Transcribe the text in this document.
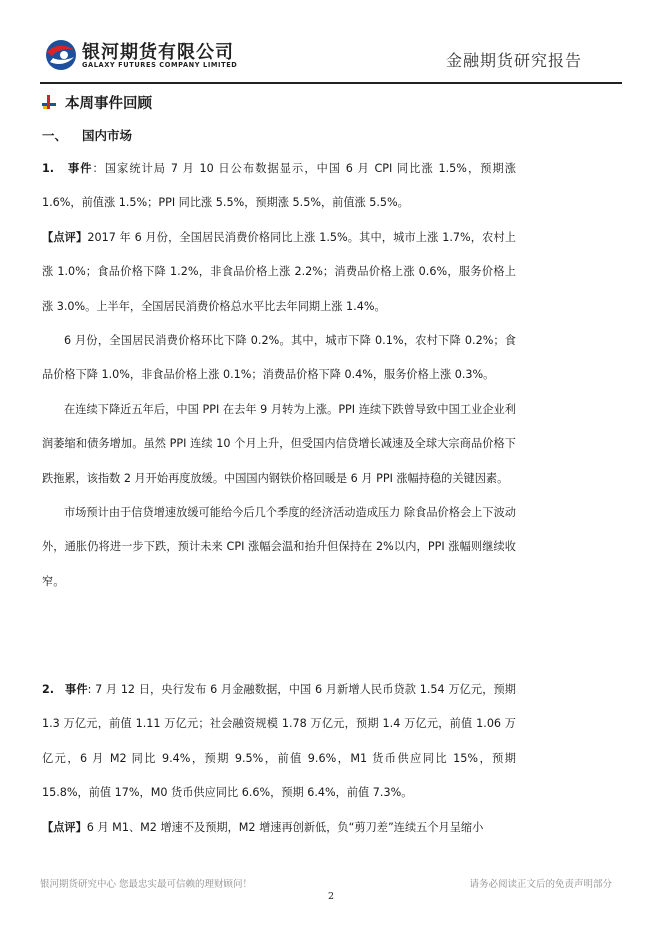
银河期货有限公司
GALAXY FUTURES COMPANY LIMITED	金融期货研究报告
本周事件回顾
一、 国内市场

1. 事件：国家统计局 7 月 10 日公布数据显示，中国 6 月 CPI 同比涨 1.5%，预期涨 1.6%，前值涨 1.5%；PPI 同比涨 5.5%，预期涨 5.5%，前值涨 5.5%。

【点评】2017 年 6 月份，全国居民消费价格同比上涨 1.5%。其中，城市上涨 1.7%，农村上涨 1.0%；食品价格下降 1.2%，非食品价格上涨 2.2%；消费品价格上涨 0.6%，服务价格上涨 3.0%。上半年，全国居民消费价格总水平比去年同期上涨 1.4%。

6 月份，全国居民消费价格环比下降 0.2%。其中，城市下降 0.1%，农村下降 0.2%；食品价格下降 1.0%，非食品价格上涨 0.1%；消费品价格下降 0.4%，服务价格上涨 0.3%。

在连续下降近五年后，中国 PPI 在去年 9 月转为上涨。PPI 连续下跌曾导致中国工业企业利润萎缩和债务增加。虽然 PPI 连续 10 个月上升，但受国内信贷增长减速及全球大宗商品价格下跌拖累，该指数 2 月开始再度放缓。中国国内钢铁价格回暖是 6 月 PPI 涨幅持稳的关键因素。

市场预计由于信贷增速放缓可能给今后几个季度的经济活动造成压力 除食品价格会上下波动外，通胀仍将进一步下跌，预计未来 CPI 涨幅会温和抬升但保持在 2%以内，PPI 涨幅则继续收窄。

2. 事件: 7 月 12 日，央行发布 6 月金融数据，中国 6 月新增人民币贷款 1.54 万亿元，预期 1.3 万亿元，前值 1.11 万亿元；社会融资规模 1.78 万亿元，预期 1.4 万亿元，前值 1.06 万亿元，6 月 M2 同比 9.4%，预期 9.5%，前值 9.6%，M1 货币供应同比 15%，预期 15.8%，前值 17%，M0 货币供应同比 6.6%，预期 6.4%，前值 7.3%。

【点评】6 月 M1、M2 增速不及预期，M2 增速再创新低，负“剪刀差”连续五个月呈缩小

银河期货研究中心 您最忠实最可信赖的理财顾问！	请务必阅读正文后的免责声明部分
2
